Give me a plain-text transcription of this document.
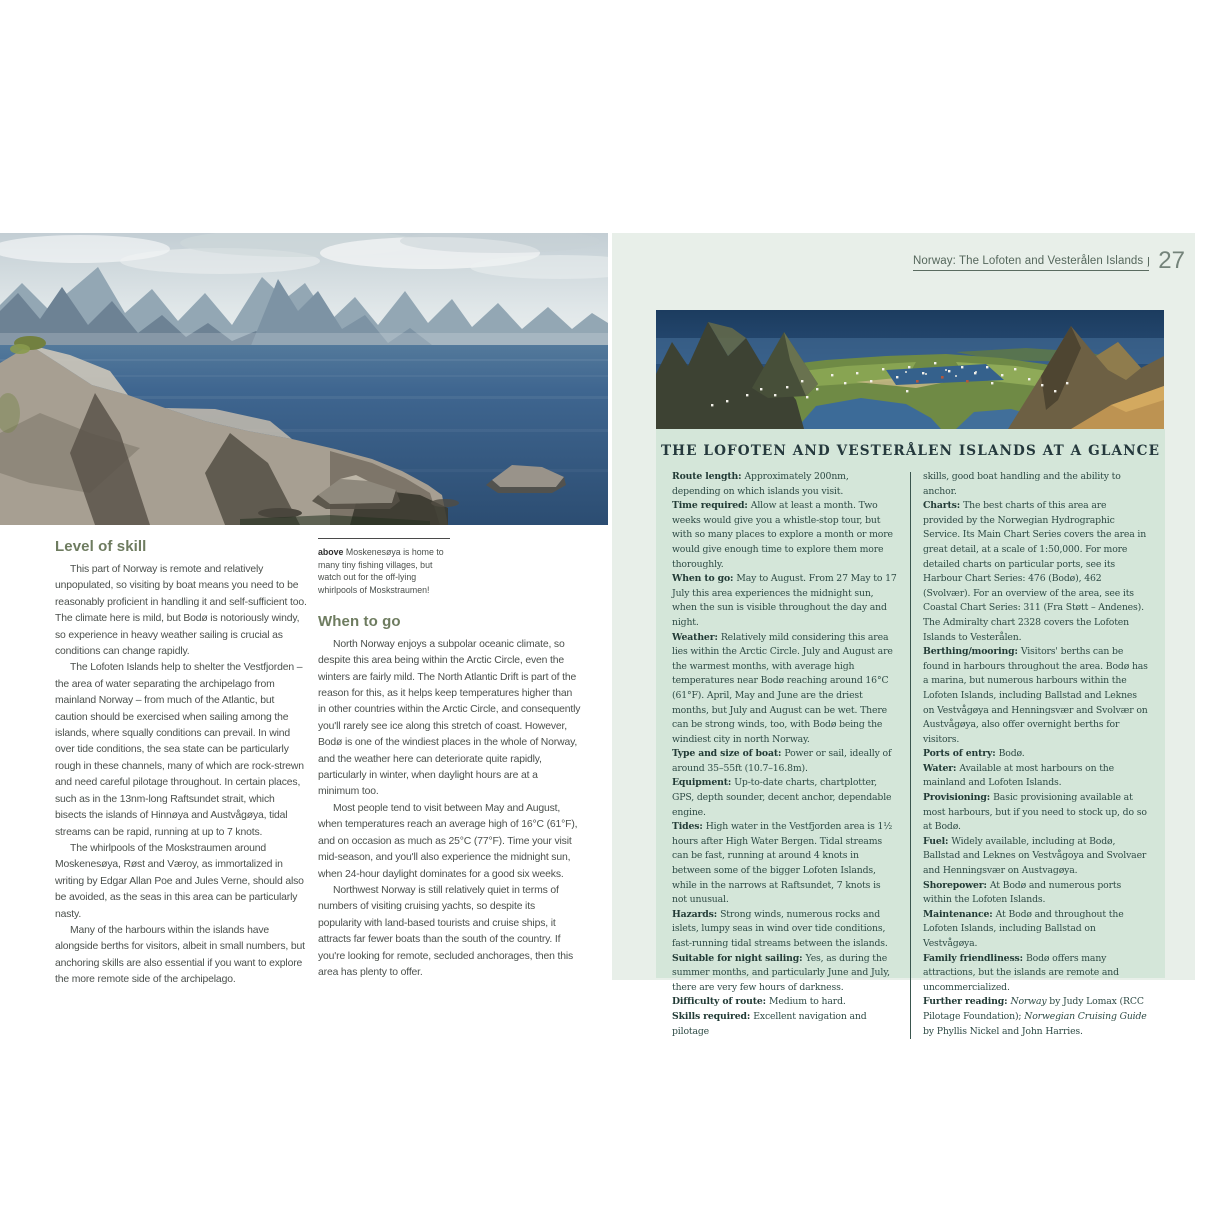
Norway: The Lofoten and Vesterålen Islands 27
THE LOFOTEN AND VESTERÅLEN ISLANDS AT A GLANCE

Route length: Approximately 200nm, depending on which islands you visit.

Time required: Allow at least a month. Two weeks would give you a whistle-stop tour, but with so many places to explore a month or more would give enough time to explore them more thoroughly.

When to go: May to August. From 27 May to 17 July this area experiences the midnight sun, when the sun is visible throughout the day and night.

Weather: Relatively mild considering this area lies within the Arctic Circle. July and August are the warmest months, with average high temperatures near Bodø reaching around 16°C (61°F). April, May and June are the driest months, but July and August can be wet. There can be strong winds, too, with Bodø being the windiest city in north Norway.

Type and size of boat: Power or sail, ideally of around 35–55ft (10.7–16.8m).

Equipment: Up-to-date charts, chartplotter, GPS, depth sounder, decent anchor, dependable engine.

Tides: High water in the Vestfjorden area is 1½ hours after High Water Bergen. Tidal streams can be fast, running at around 4 knots in between some of the bigger Lofoten Islands, while in the narrows at Raftsundet, 7 knots is not unusual.

Hazards: Strong winds, numerous rocks and islets, lumpy seas in wind over tide conditions, fast-running tidal streams between the islands.

Suitable for night sailing: Yes, as during the summer months, and particularly June and July, there are very few hours of darkness.

Difficulty of route: Medium to hard.

Skills required: Excellent navigation and pilotage

skills, good boat handling and the ability to anchor.

Charts: The best charts of this area are provided by the Norwegian Hydrographic Service. Its Main Chart Series covers the area in great detail, at a scale of 1:50,000. For more detailed charts on particular ports, see its Harbour Chart Series: 476 (Bodø), 462 (Svolvær). For an overview of the area, see its Coastal Chart Series: 311 (Fra Støtt – Andenes). The Admiralty chart 2328 covers the Lofoten Islands to Vesterålen.

Berthing/mooring: Visitors' berths can be found in harbours throughout the area. Bodø has a marina, but numerous harbours within the Lofoten Islands, including Ballstad and Leknes on Vestvågøya and Henningsvær and Svolvær on Austvågøya, also offer overnight berths for visitors.

Ports of entry: Bodø.

Water: Available at most harbours on the mainland and Lofoten Islands.

Provisioning: Basic provisioning available at most harbours, but if you need to stock up, do so at Bodø.

Fuel: Widely available, including at Bodø, Ballstad and Leknes on Vestvågoya and Svolvaer and Henningsvær on Austvagøya.

Shorepower: At Bodø and numerous ports within the Lofoten Islands.

Maintenance: At Bodø and throughout the Lofoten Islands, including Ballstad on Vestvågøya.

Family friendliness: Bodø offers many attractions, but the islands are remote and uncommercialized.

Further reading: Norway by Judy Lomax (RCC Pilotage Foundation); Norwegian Cruising Guide by Phyllis Nickel and John Harries.

Level of skill

This part of Norway is remote and relatively unpopulated, so visiting by boat means you need to be reasonably proficient in handling it and self-sufficient too. The climate here is mild, but Bodø is notoriously windy, so experience in heavy weather sailing is crucial as conditions can change rapidly.

The Lofoten Islands help to shelter the Vestfjorden – the area of water separating the archipelago from mainland Norway – from much of the Atlantic, but caution should be exercised when sailing among the islands, where squally conditions can prevail. In wind over tide conditions, the sea state can be particularly rough in these channels, many of which are rock-strewn and need careful pilotage throughout. In certain places, such as in the 13nm-long Raftsundet strait, which bisects the islands of Hinnøya and Austvågøya, tidal streams can be rapid, running at up to 7 knots.

The whirlpools of the Moskstraumen around Moskenesøya, Røst and Væroy, as immortalized in writing by Edgar Allan Poe and Jules Verne, should also be avoided, as the seas in this area can be particularly nasty.

Many of the harbours within the islands have alongside berths for visitors, albeit in small numbers, but anchoring skills are also essential if you want to explore the more remote side of the archipelago.

above Moskenesøya is home to many tiny fishing villages, but watch out for the off-lying whirlpools of Moskstraumen!
When to go

North Norway enjoys a subpolar oceanic climate, so despite this area being within the Arctic Circle, even the winters are fairly mild. The North Atlantic Drift is part of the reason for this, as it helps keep temperatures higher than in other countries within the Arctic Circle, and consequently you'll rarely see ice along this stretch of coast. However, Bodø is one of the windiest places in the whole of Norway, and the weather here can deteriorate quite rapidly, particularly in winter, when daylight hours are at a minimum too.

Most people tend to visit between May and August, when temperatures reach an average high of 16°C (61°F), and on occasion as much as 25°C (77°F). Time your visit mid-season, and you'll also experience the midnight sun, when 24-hour daylight dominates for a good six weeks.

Northwest Norway is still relatively quiet in terms of numbers of visiting cruising yachts, so despite its popularity with land-based tourists and cruise ships, it attracts far fewer boats than the south of the country. If you're looking for remote, secluded anchorages, then this area has plenty to offer.
